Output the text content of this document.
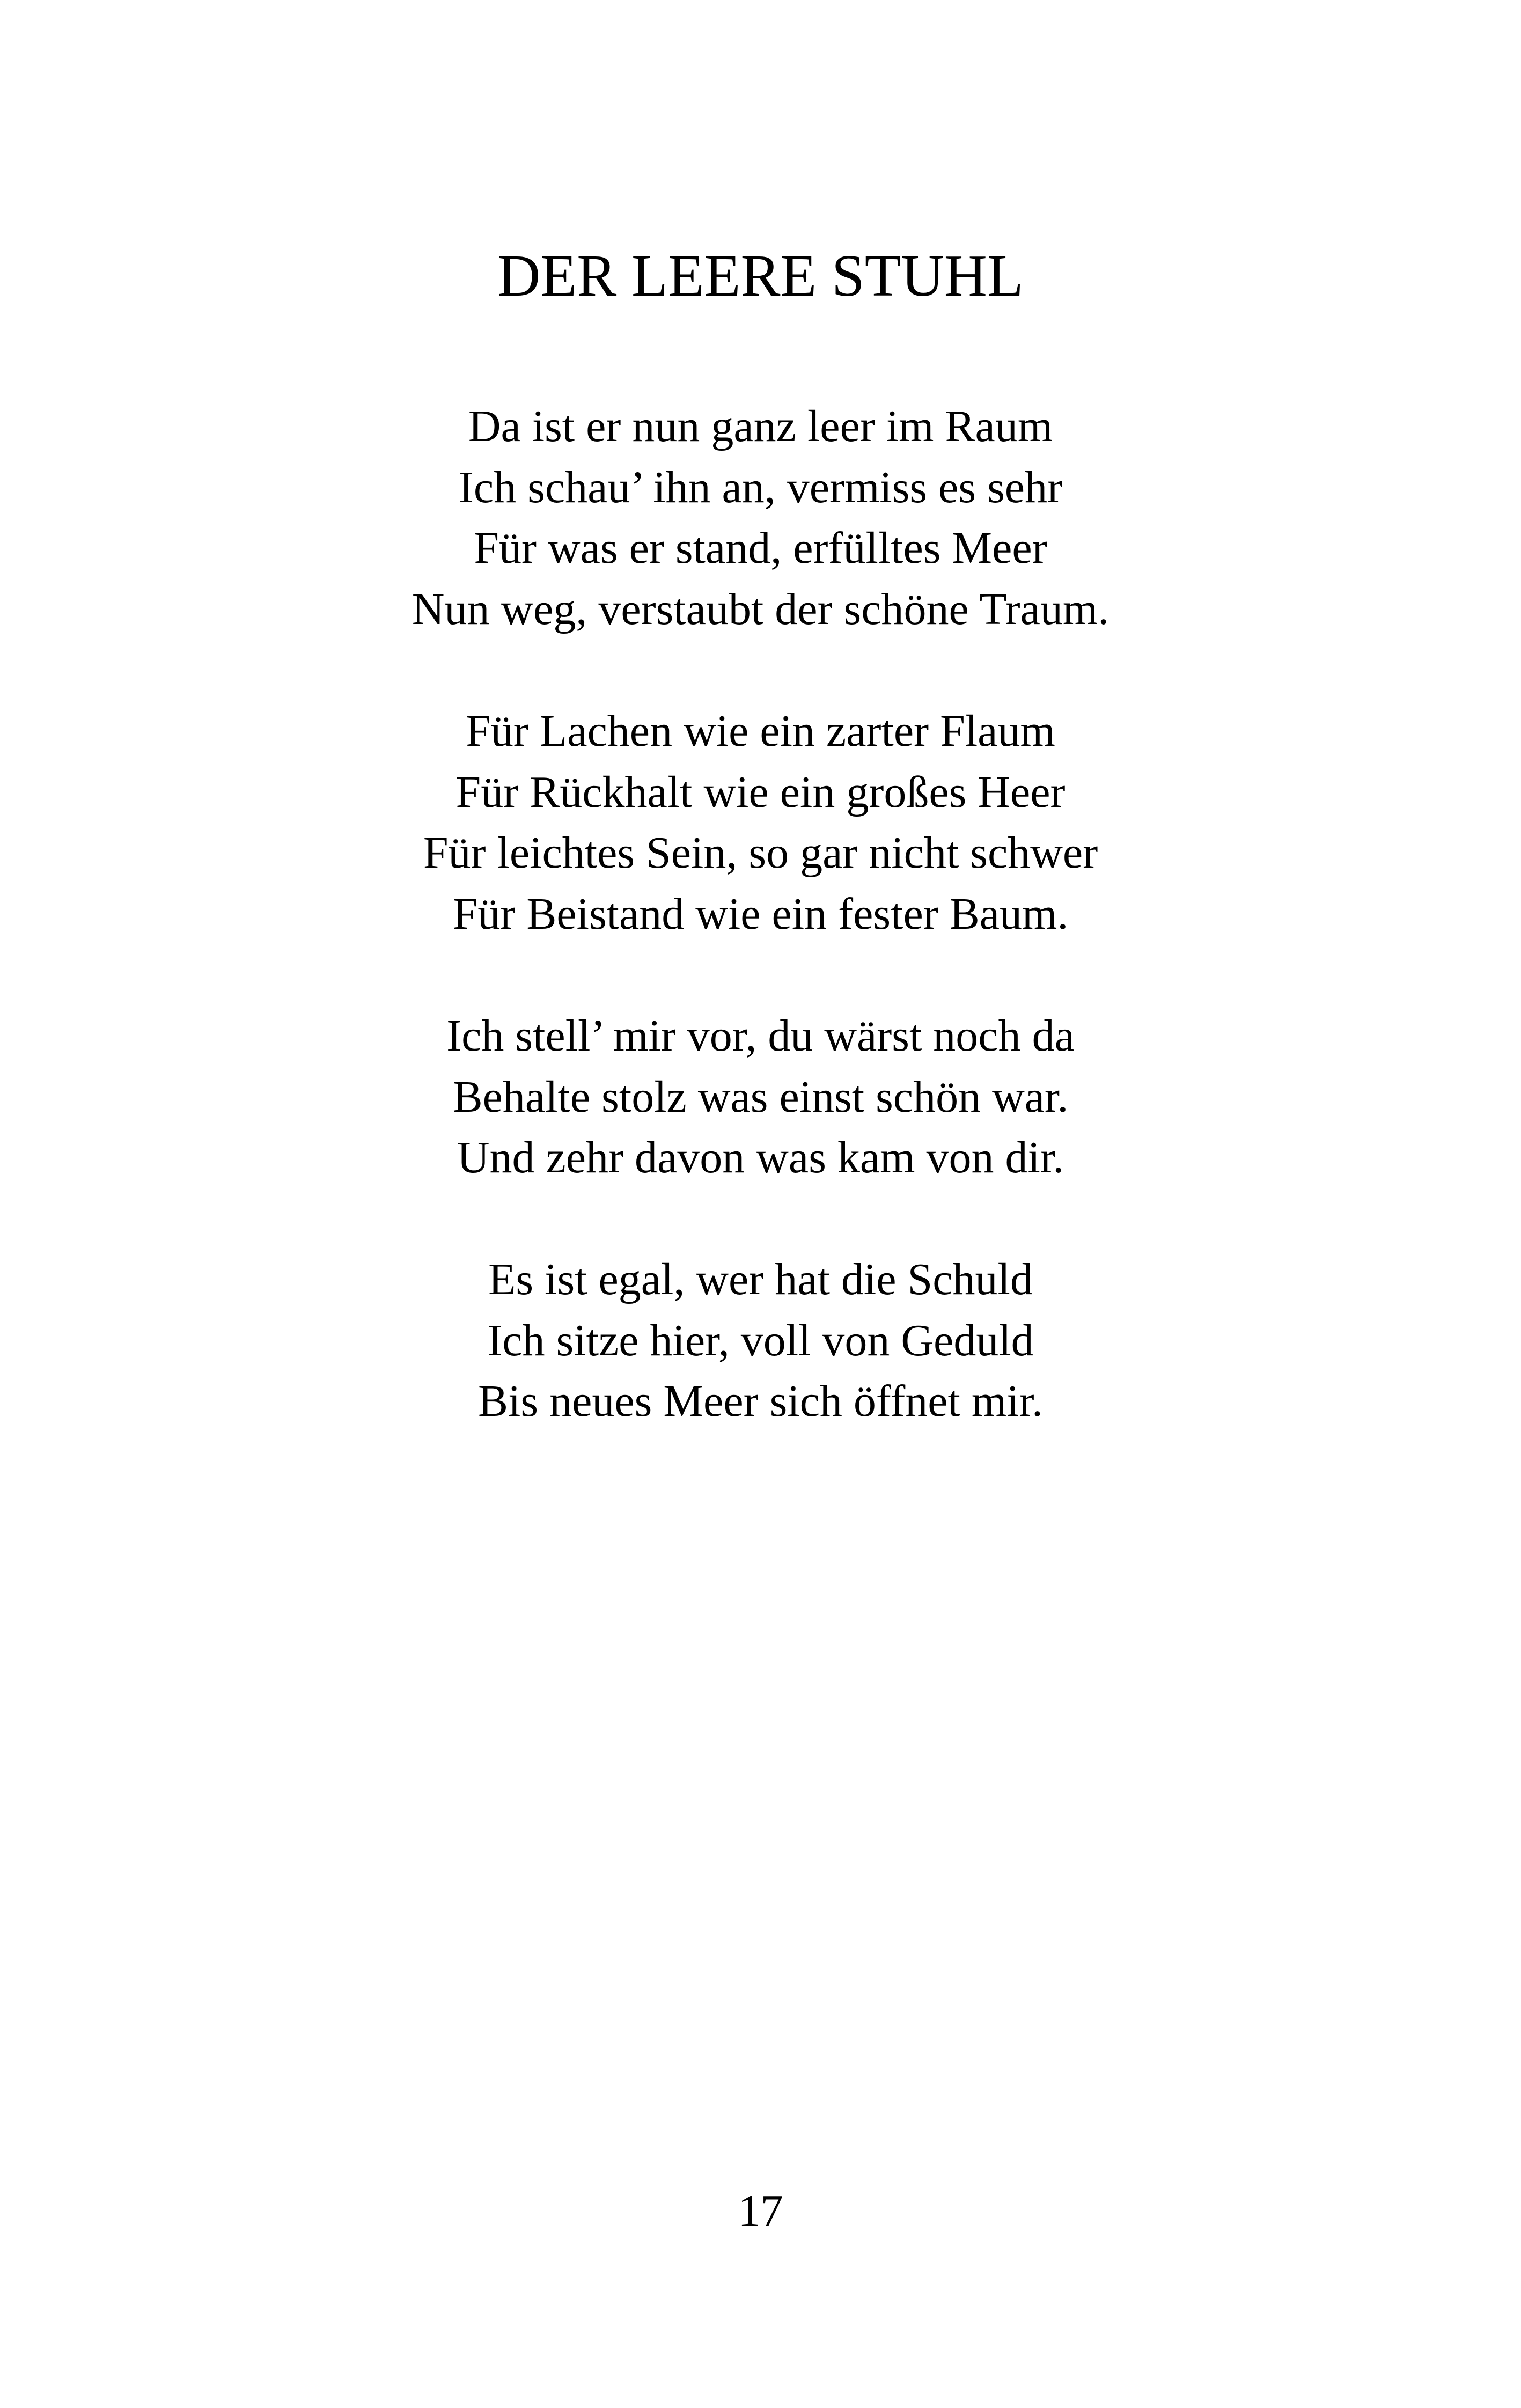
DER LEERE STUHL
Da ist er nun ganz leer im Raum
Ich schau’ ihn an, vermiss es sehr
Für was er stand, erfülltes Meer
Nun weg, verstaubt der schöne Traum.
Für Lachen wie ein zarter Flaum
Für Rückhalt wie ein großes Heer
Für leichtes Sein, so gar nicht schwer
Für Beistand wie ein fester Baum.
Ich stell’ mir vor, du wärst noch da
Behalte stolz was einst schön war.
Und zehr davon was kam von dir.
Es ist egal, wer hat die Schuld
Ich sitze hier, voll von Geduld
Bis neues Meer sich öffnet mir.
17
